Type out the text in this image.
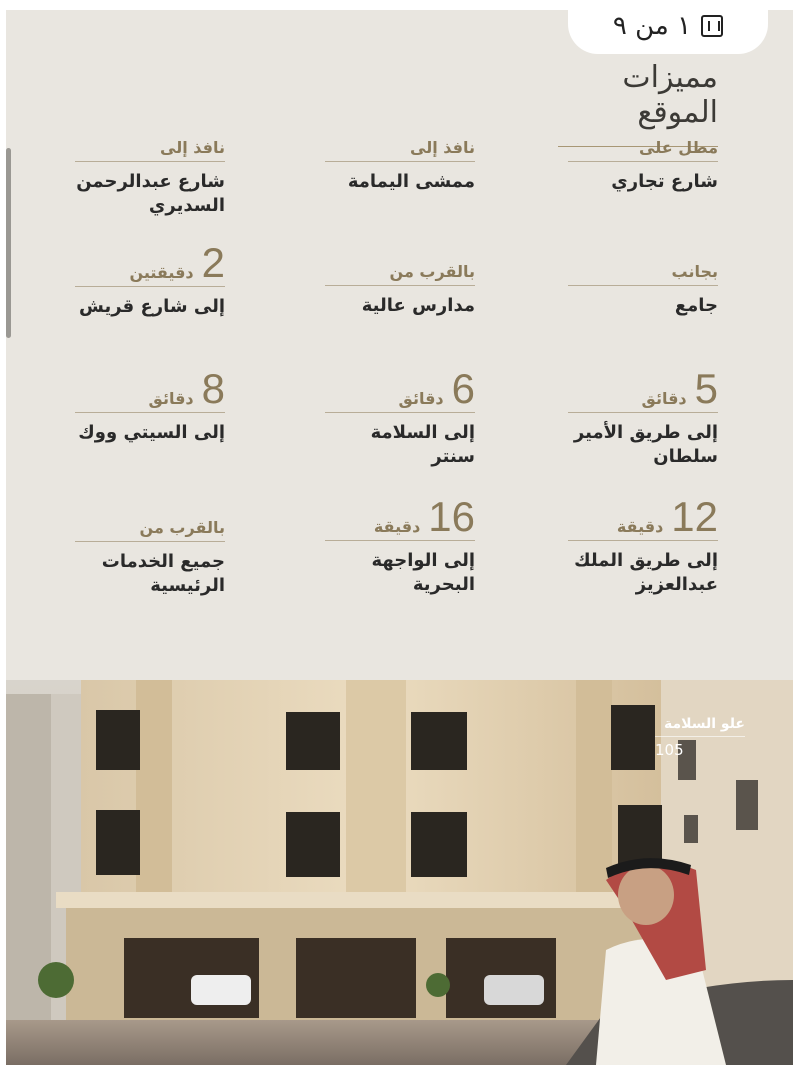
١ من ٩
مميزات الموقع
مطل على
شارع تجاري
نافذ إلى
ممشى اليمامة
نافذ إلى
شارع عبدالرحمن السديري
بجانب
جامع
بالقرب من
مدارس عالية
2
دقيقتين
إلى شارع قريش
5
دقائق
إلى طريق الأمير سلطان
6
دقائق
إلى السلامة سنتر
8
دقائق
إلى السيتي ووك
12
دقيقة
إلى طريق الملك عبدالعزيز
16
دقيقة
إلى الواجهة البحرية
بالقرب من
جميع الخدمات الرئيسية
علو السلامة
105
